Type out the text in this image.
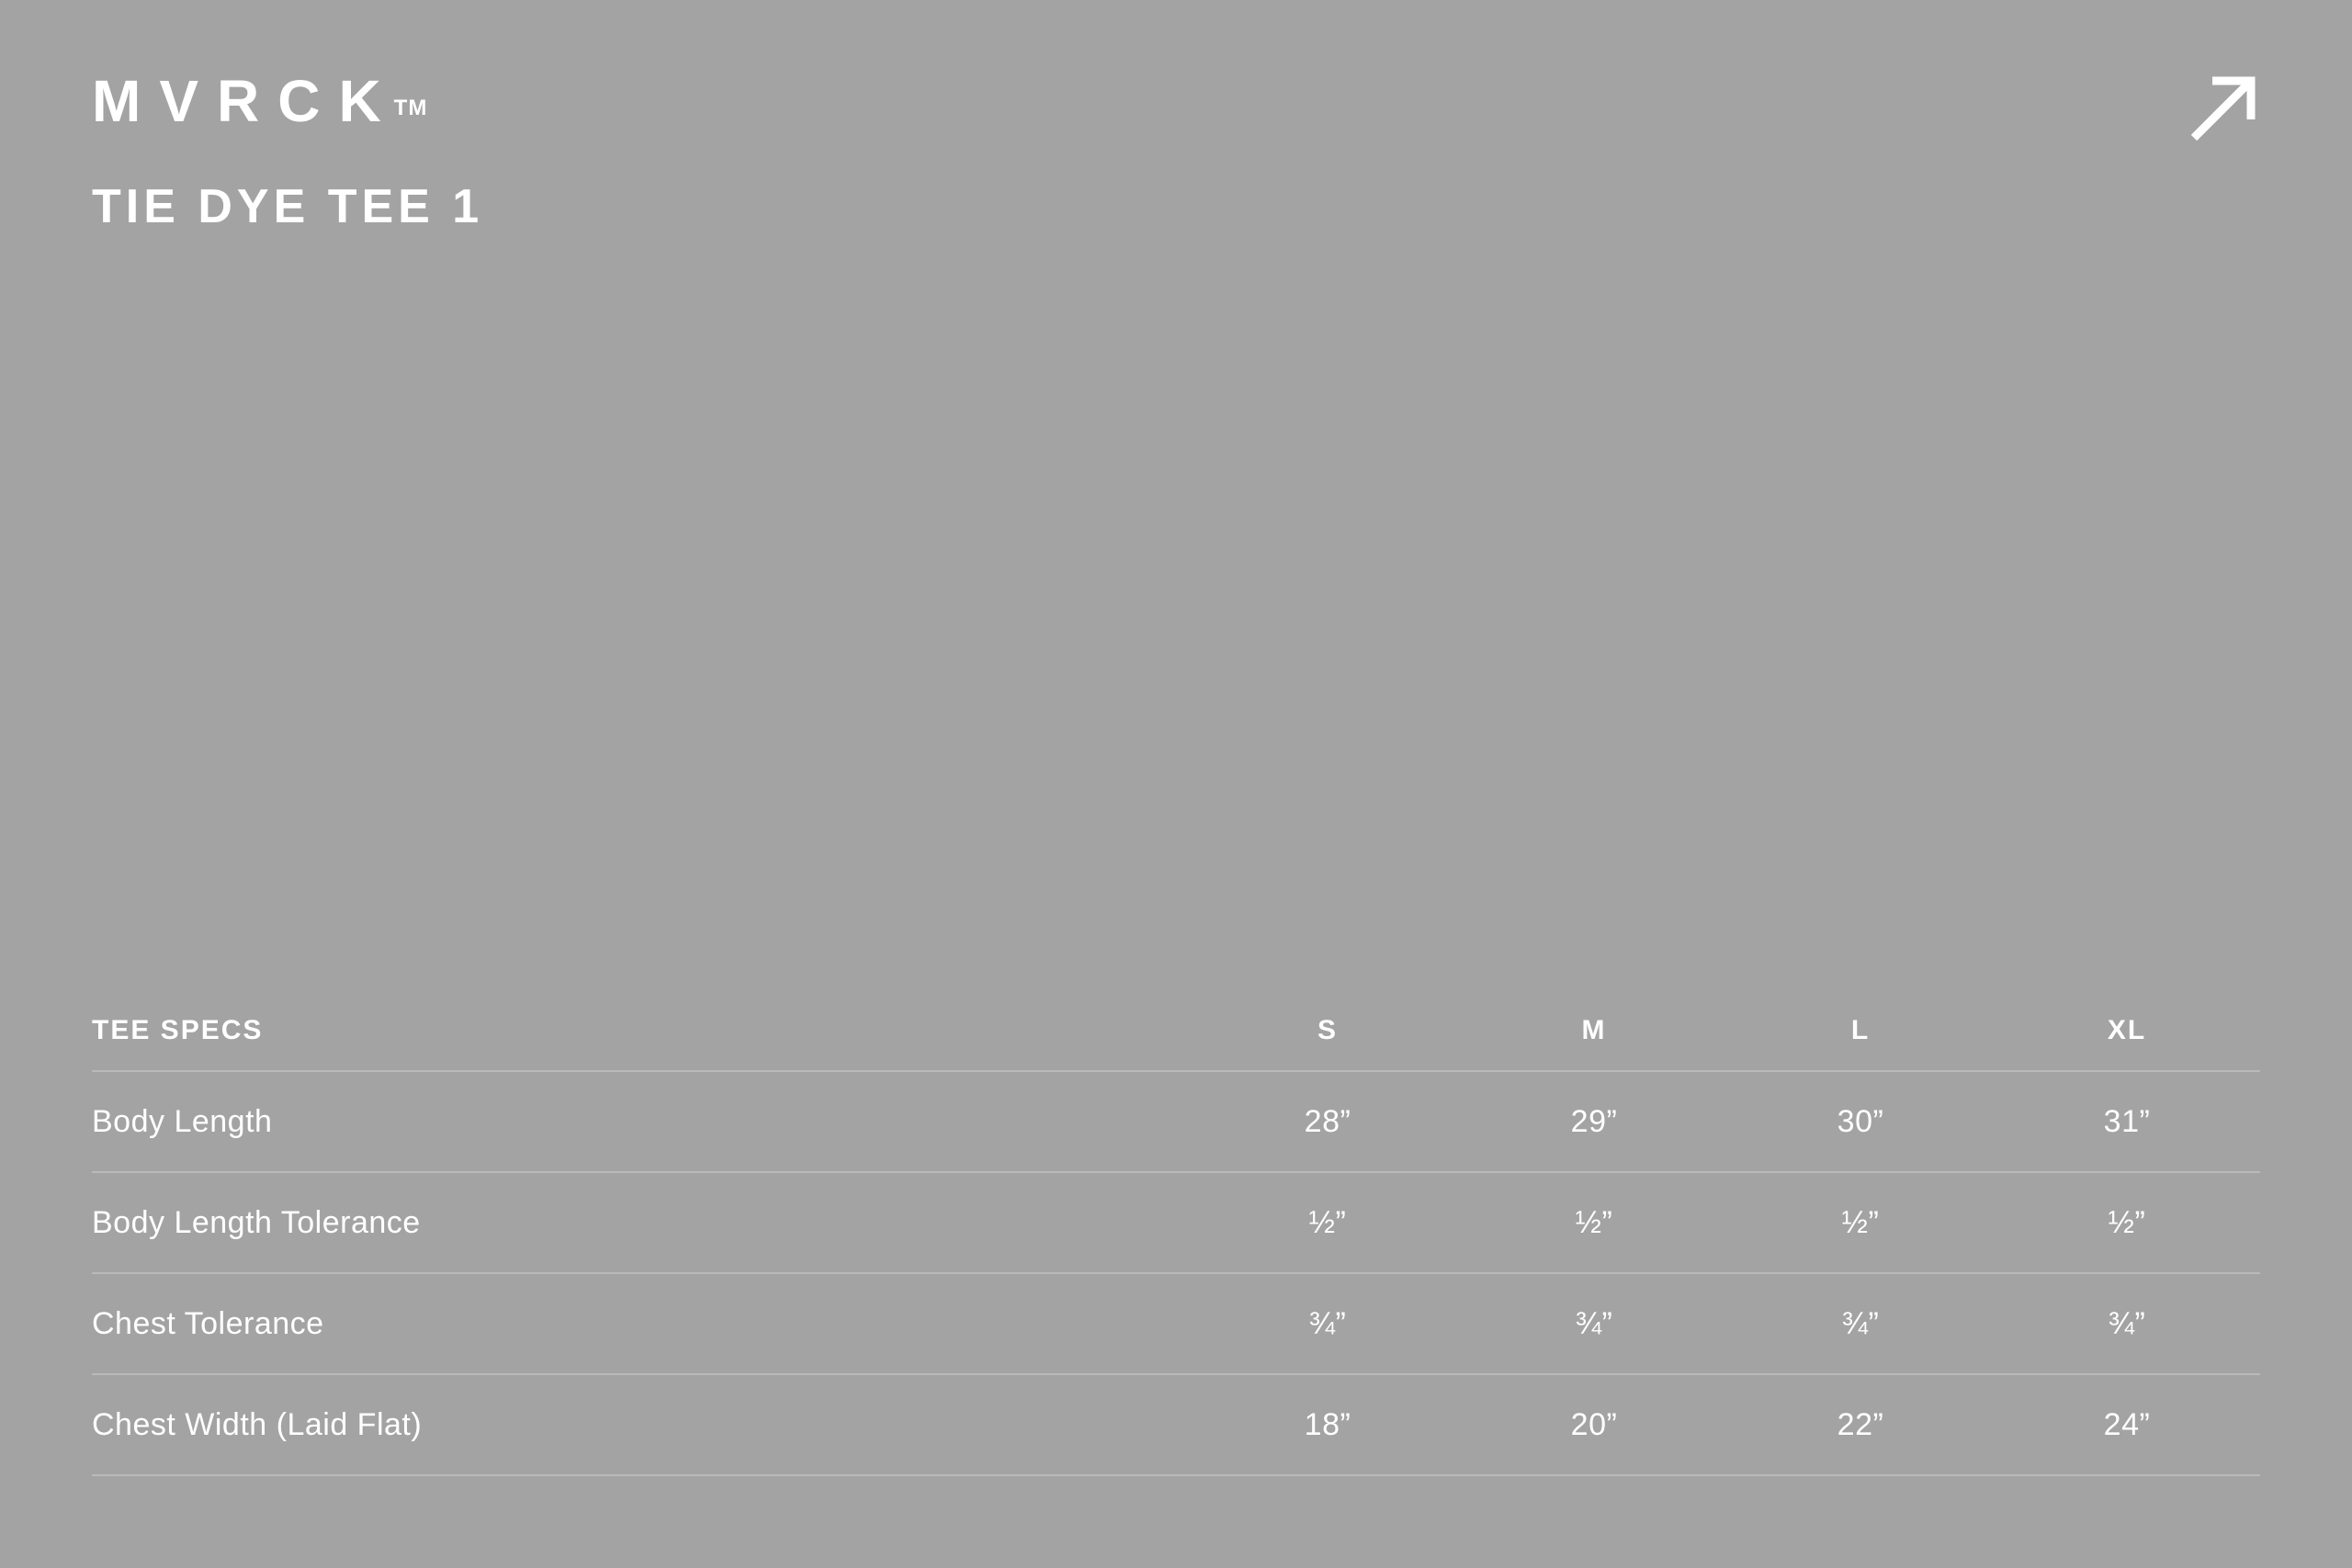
MVRCK
TM
TIE DYE TEE 1
TEE SPECS	S	M	L	XL
Body Length	28”	29”	30”	31”
Body Length Tolerance	½”	½”	½”	½”
Chest Tolerance	¾”	¾”	¾”	¾”
Chest Width (Laid Flat)	18”	20”	22”	24”
